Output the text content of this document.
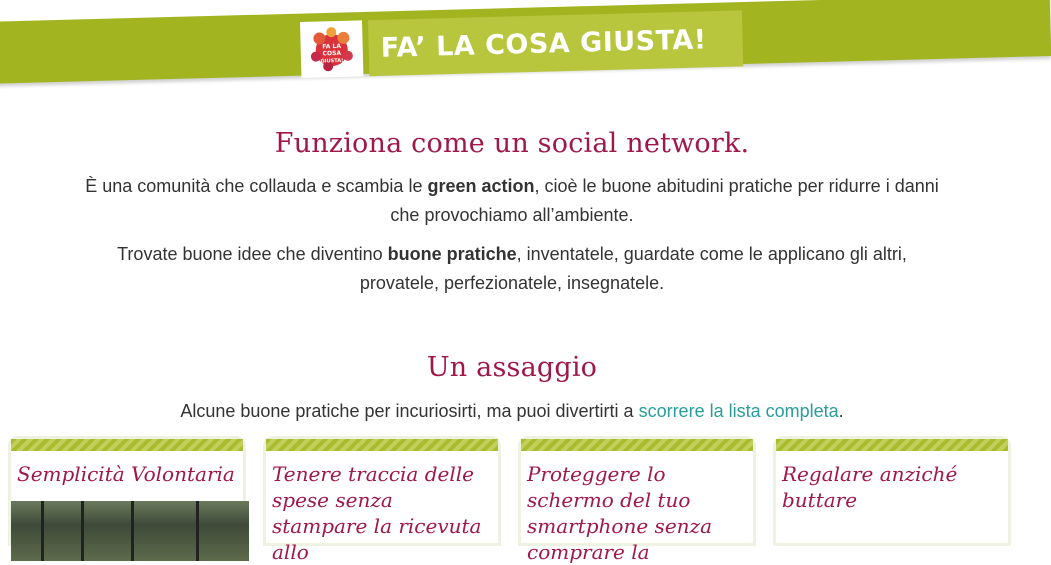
FA LA
COSA
GIUSTA! FA’ LA COSA GIUSTA!
Funziona come un social network.

È una comunità che collauda e scambia le green action, cioè le buone abitudini pratiche per ridurre i danni che provochiamo all’ambiente.

Trovate buone idee che diventino buone pratiche, inventatele, guardate come le applicano gli altri, provatele, perfezionatele, insegnatele.

Un assaggio

Alcune buone pratiche per incuriosirti, ma puoi divertirti a scorrere la lista completa.

Semplicità Volontaria	Tenere traccia delle spese senza stampare la ricevuta allo

Proteggere lo schermo del tuo smartphone senza comprare la

Regalare anziché buttare
